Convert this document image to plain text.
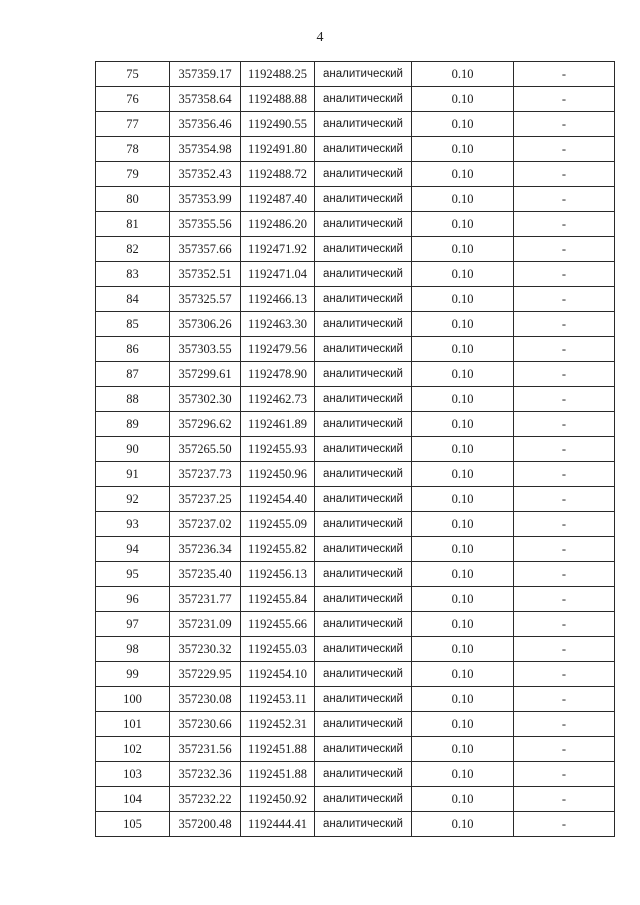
4
75	357359.17	1192488.25	аналитический	0.10	-
76	357358.64	1192488.88	аналитический	0.10	-
77	357356.46	1192490.55	аналитический	0.10	-
78	357354.98	1192491.80	аналитический	0.10	-
79	357352.43	1192488.72	аналитический	0.10	-
80	357353.99	1192487.40	аналитический	0.10	-
81	357355.56	1192486.20	аналитический	0.10	-
82	357357.66	1192471.92	аналитический	0.10	-
83	357352.51	1192471.04	аналитический	0.10	-
84	357325.57	1192466.13	аналитический	0.10	-
85	357306.26	1192463.30	аналитический	0.10	-
86	357303.55	1192479.56	аналитический	0.10	-
87	357299.61	1192478.90	аналитический	0.10	-
88	357302.30	1192462.73	аналитический	0.10	-
89	357296.62	1192461.89	аналитический	0.10	-
90	357265.50	1192455.93	аналитический	0.10	-
91	357237.73	1192450.96	аналитический	0.10	-
92	357237.25	1192454.40	аналитический	0.10	-
93	357237.02	1192455.09	аналитический	0.10	-
94	357236.34	1192455.82	аналитический	0.10	-
95	357235.40	1192456.13	аналитический	0.10	-
96	357231.77	1192455.84	аналитический	0.10	-
97	357231.09	1192455.66	аналитический	0.10	-
98	357230.32	1192455.03	аналитический	0.10	-
99	357229.95	1192454.10	аналитический	0.10	-
100	357230.08	1192453.11	аналитический	0.10	-
101	357230.66	1192452.31	аналитический	0.10	-
102	357231.56	1192451.88	аналитический	0.10	-
103	357232.36	1192451.88	аналитический	0.10	-
104	357232.22	1192450.92	аналитический	0.10	-
105	357200.48	1192444.41	аналитический	0.10	-
